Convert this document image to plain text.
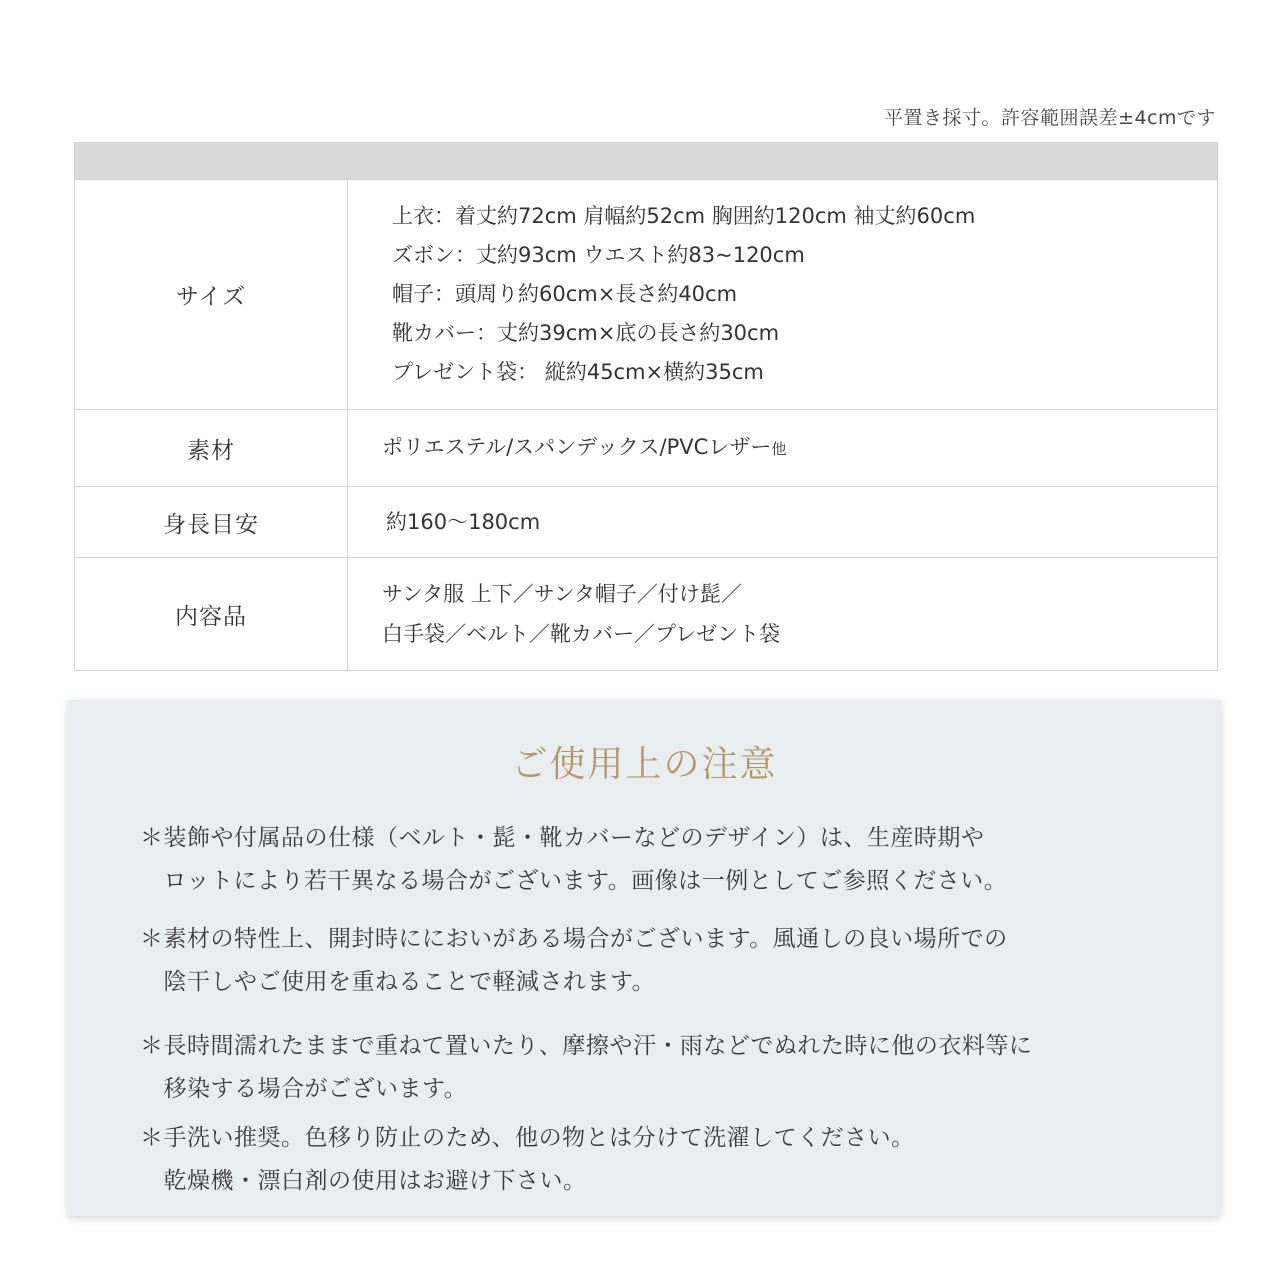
平置き採寸。許容範囲誤差±4cmです
サイズ
上衣：着丈約72cm 肩幅約52cm 胸囲約120cm 袖丈約60cm
ズボン：丈約93cm ウエスト約83~120cm
帽子：頭周り約60cm×長さ約40cm
靴カバー：丈約39cm×底の長さ約30cm
プレゼント袋： 縦約45cm×横約35cm
素材	ポリエステル/スパンデックス/PVCレザー他
身長目安	約160～180cm
内容品
サンタ服 上下／サンタ帽子／付け髭／
白手袋／ベルト／靴カバー／プレゼント袋
ご使用上の注意
＊装飾や付属品の仕様（ベルト・髭・靴カバーなどのデザイン）は、生産時期や
　ロットにより若干異なる場合がございます。画像は一例としてご参照ください。
＊素材の特性上、開封時ににおいがある場合がございます。風通しの良い場所での
　陰干しやご使用を重ねることで軽減されます。
＊長時間濡れたままで重ねて置いたり、摩擦や汗・雨などでぬれた時に他の衣料等に
　移染する場合がございます。
＊手洗い推奨。色移り防止のため、他の物とは分けて洗濯してください。
　乾燥機・漂白剤の使用はお避け下さい。
